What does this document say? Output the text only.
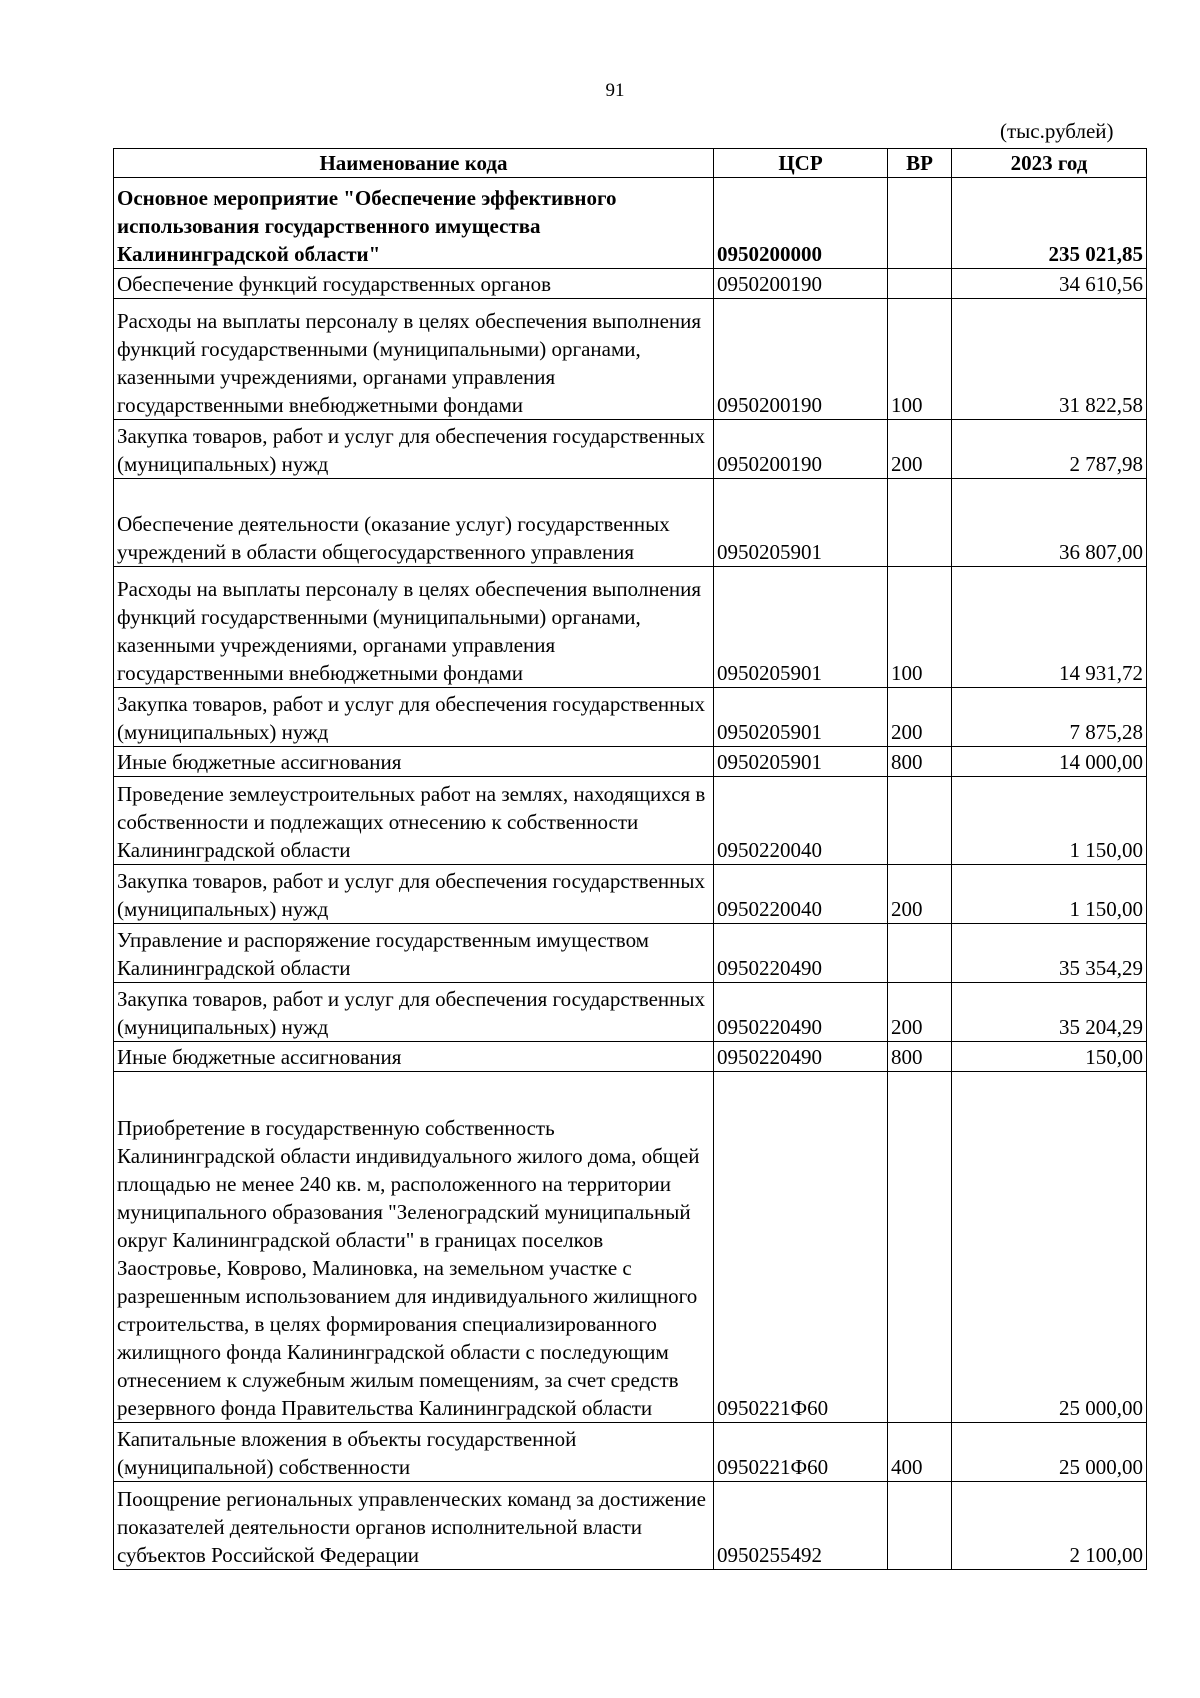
91
(тыс.рублей)
Наименование кода	ЦСР	ВР	2023 год
Основное мероприятие "Обеспечение эффективного использования государственного имущества Калининградской области"	0950200000		235 021,85
Обеспечение функций государственных органов	0950200190		34 610,56
Расходы на выплаты персоналу в целях обеспечения выполнения функций государственными (муниципальными) органами, казенными учреждениями, органами управления государственными внебюджетными фондами	0950200190	100	31 822,58
Закупка товаров, работ и услуг для обеспечения государственных (муниципальных) нужд	0950200190	200	2 787,98
Обеспечение деятельности (оказание услуг) государственных учреждений в области общегосударственного управления	0950205901		36 807,00
Расходы на выплаты персоналу в целях обеспечения выполнения функций государственными (муниципальными) органами, казенными учреждениями, органами управления государственными внебюджетными фондами	0950205901	100	14 931,72
Закупка товаров, работ и услуг для обеспечения государственных (муниципальных) нужд	0950205901	200	7 875,28
Иные бюджетные ассигнования	0950205901	800	14 000,00
Проведение землеустроительных работ на землях, находящихся в собственности и подлежащих отнесению к собственности Калининградской области	0950220040		1 150,00
Закупка товаров, работ и услуг для обеспечения государственных (муниципальных) нужд	0950220040	200	1 150,00
Управление и распоряжение государственным имуществом Калининградской области	0950220490		35 354,29
Закупка товаров, работ и услуг для обеспечения государственных (муниципальных) нужд	0950220490	200	35 204,29
Иные бюджетные ассигнования	0950220490	800	150,00
Приобретение в государственную собственность Калининградской области индивидуального жилого дома, общей площадью не менее 240 кв. м, расположенного на территории муниципального образования "Зеленоградский муниципальный округ Калининградской области" в границах поселков Заостровье, Коврово, Малиновка, на земельном участке с разрешенным использованием для индивидуального жилищного строительства, в целях формирования специализированного жилищного фонда Калининградской области с последующим отнесением к служебным жилым помещениям, за счет средств резервного фонда Правительства Калининградской области	0950221Ф60		25 000,00
Капитальные вложения в объекты государственной (муниципальной) собственности	0950221Ф60	400	25 000,00
Поощрение региональных управленческих команд за достижение показателей деятельности органов исполнительной власти субъектов Российской Федерации	0950255492		2 100,00
